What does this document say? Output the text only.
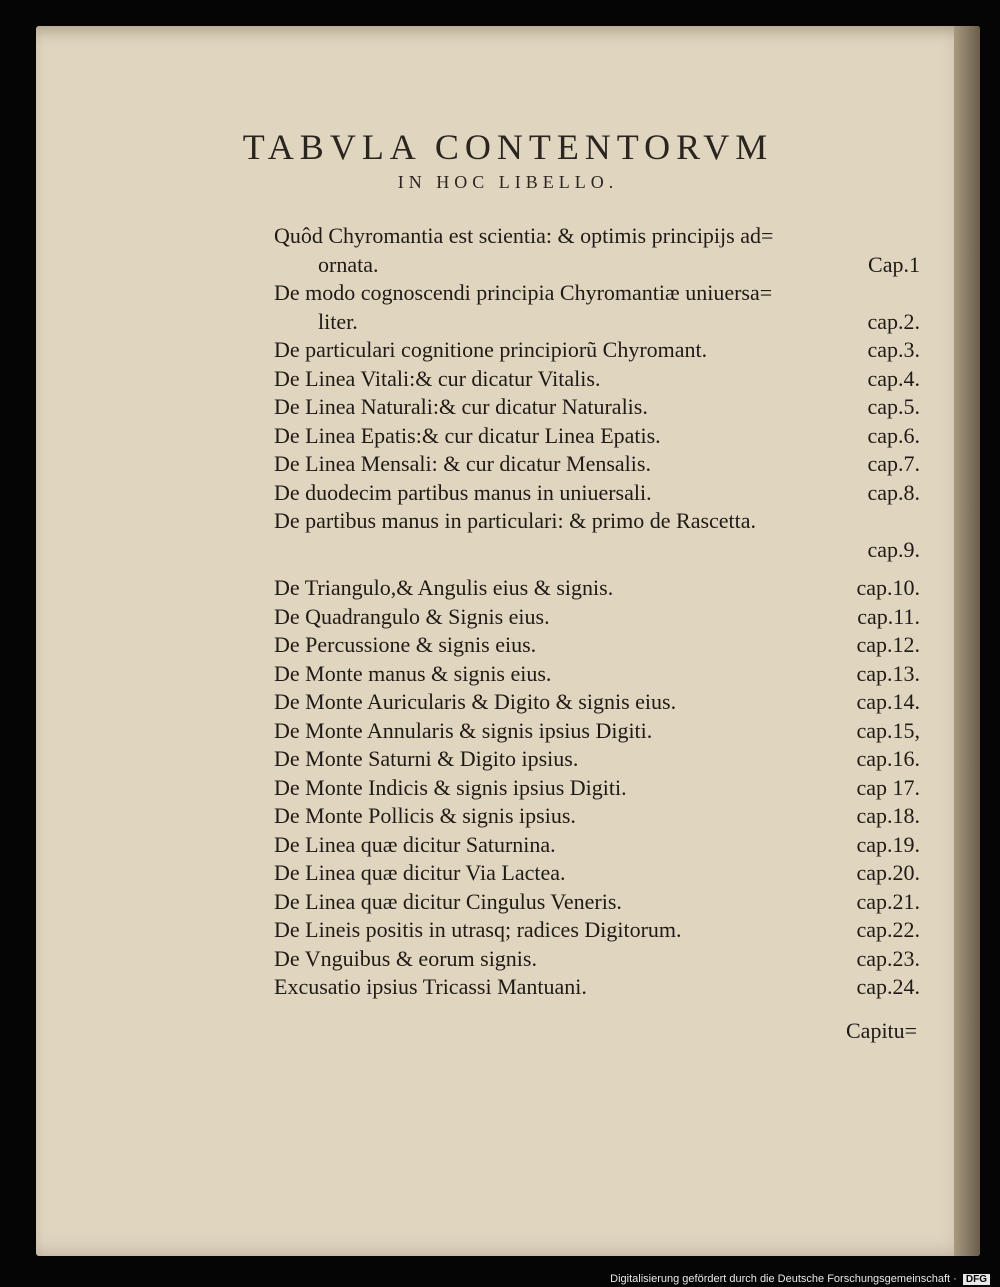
TABVLA CONTENTORVM
IN HOC LIBELLO.
Quôd Chyromantia est scientia: & optimis principijs ad=
ornata.	Cap.1
De modo cognoscendi principia Chyromantiæ uniuersa=
liter.	cap.2.
De particulari cognitione principiorũ Chyromant.	cap.3.
De Linea Vitali:& cur dicatur Vitalis.	cap.4.
De Linea Naturali:& cur dicatur Naturalis.	cap.5.
De Linea Epatis:& cur dicatur Linea Epatis.	cap.6.
De Linea Mensali: & cur dicatur Mensalis.	cap.7.
De duodecim partibus manus in uniuersali.	cap.8.
De partibus manus in particulari: & primo de Rascetta.
cap.9.
De Triangulo,& Angulis eius & signis.	cap.10.
De Quadrangulo & Signis eius.	cap.11.
De Percussione & signis eius.	cap.12.
De Monte manus & signis eius.	cap.13.
De Monte Auricularis & Digito & signis eius.	cap.14.
De Monte Annularis & signis ipsius Digiti.	cap.15,
De Monte Saturni & Digito ipsius.	cap.16.
De Monte Indicis & signis ipsius Digiti.	cap 17.
De Monte Pollicis & signis ipsius.	cap.18.
De Linea quæ dicitur Saturnina.	cap.19.
De Linea quæ dicitur Via Lactea.	cap.20.
De Linea quæ dicitur Cingulus Veneris.	cap.21.
De Lineis positis in utrasq; radices Digitorum.	cap.22.
De Vnguibus & eorum signis.	cap.23.
Excusatio ipsius Tricassi Mantuani.	cap.24.
Capitu=
Digitalisierung gefördert durch die Deutsche Forschungsgemeinschaft · DFG
